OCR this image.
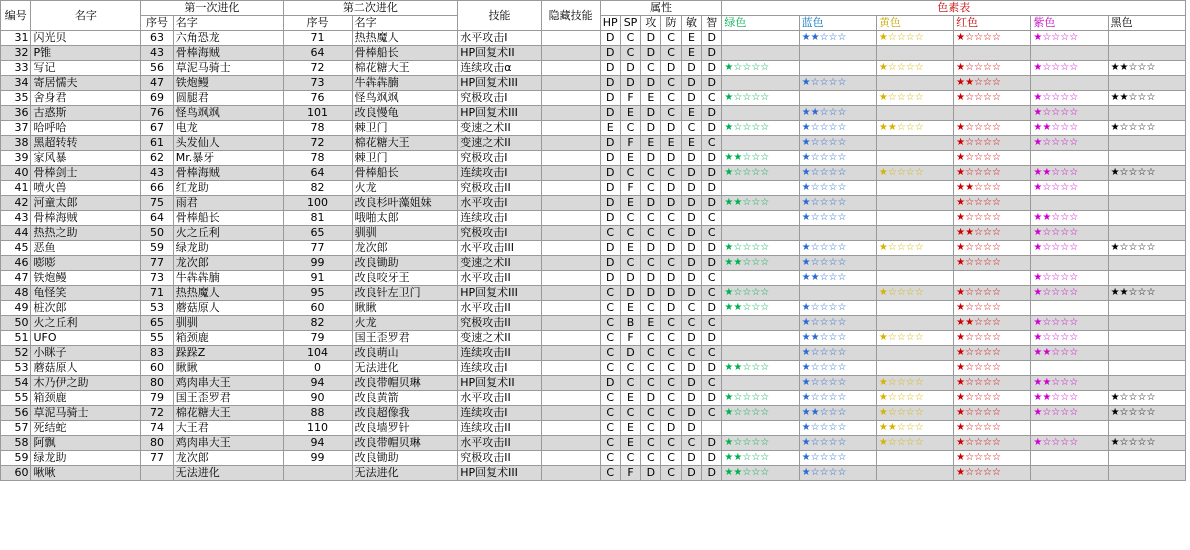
编号	名字	第一次进化		第二次进化		技能	隐藏技能	属性						色素表					
		序号	名字	序号	名字			HP	SP	攻	防	敏	智	绿色	蓝色	黄色	红色	紫色	黑色
31	闪光贝	63	六角恐龙	71	热热魔人	水平攻击I		D	C	D	C	E	D		★★☆☆☆	★☆☆☆☆	★☆☆☆☆	★☆☆☆☆	
32	P锥	43	骨棒海贼	64	骨棒船长	HP回复术II		D	C	D	C	E	D						
33	写记	56	草泥马骑士	72	棉花糖大王	连续攻击α		D	D	C	D	D	D	★☆☆☆☆		★☆☆☆☆	★☆☆☆☆	★☆☆☆☆	★★☆☆☆
34	寄居懦夫	47	铁炮鳗	73	牛犇犇腩	HP回复术III		D	D	D	C	D	D		★☆☆☆☆		★★☆☆☆		
35	舍身君	69	圆腿君	76	怪鸟飒飒	究极攻击I		D	F	E	C	D	C	★☆☆☆☆		★☆☆☆☆	★☆☆☆☆	★☆☆☆☆	★★☆☆☆
36	古惑斯	76	怪鸟飒飒	101	改良慢龟	HP回复术III		D	E	D	C	E	D		★★☆☆☆			★☆☆☆☆	
37	哈呼哈	67	电龙	78	棘卫门	变速之术II		E	C	D	D	C	D	★☆☆☆☆	★☆☆☆☆	★★☆☆☆	★☆☆☆☆	★★☆☆☆	★☆☆☆☆
38	黑超转转	61	头发仙人	72	棉花糖大王	变速之术II		D	F	E	E	E	C		★☆☆☆☆		★☆☆☆☆	★☆☆☆☆	
39	家风暴	62	Mr.暴牙	78	棘卫门	究极攻击I		D	E	D	D	D	D	★★☆☆☆	★☆☆☆☆		★☆☆☆☆		
40	骨棒剑士	43	骨棒海贼	64	骨棒船长	连续攻击I		D	C	C	C	D	D	★☆☆☆☆	★☆☆☆☆	★☆☆☆☆	★☆☆☆☆	★★☆☆☆	★☆☆☆☆
41	喷火兽	66	红龙助	82	火龙	究极攻击II		D	F	C	D	D	D		★☆☆☆☆		★★☆☆☆	★☆☆☆☆	
42	河童太郎	75	雨君	100	改良杉叶藻姐妹	水平攻击I		D	E	D	D	D	D	★★☆☆☆	★☆☆☆☆		★☆☆☆☆		
43	骨棒海贼	64	骨棒船长	81	哦啪太郎	连续攻击I		D	C	C	C	D	C		★☆☆☆☆		★☆☆☆☆	★★☆☆☆	
44	热热之助	50	火之丘利	65	驯驯	究极攻击I		C	C	C	C	D	C				★★☆☆☆	★☆☆☆☆	
45	恶鱼	59	绿龙助	77	龙次郎	水平攻击III		D	E	D	D	D	D	★☆☆☆☆	★☆☆☆☆	★☆☆☆☆	★☆☆☆☆	★☆☆☆☆	★☆☆☆☆
46	嘭嘭	77	龙次郎	99	改良锄助	变速之术II		D	C	C	C	D	D	★★☆☆☆	★☆☆☆☆		★☆☆☆☆		
47	铁炮鳗	73	牛犇犇腩	91	改良咬牙王	水平攻击II		D	D	D	D	D	C		★★☆☆☆			★☆☆☆☆	
48	龟怪笑	71	热热魔人	95	改良针左卫门	HP回复术III		C	D	D	D	D	C	★☆☆☆☆		★☆☆☆☆	★☆☆☆☆	★☆☆☆☆	★★☆☆☆
49	桩次郎	53	蘑菇原人	60	瞅瞅	水平攻击II		C	E	C	D	C	D	★★☆☆☆	★☆☆☆☆		★☆☆☆☆		
50	火之丘利	65	驯驯	82	火龙	究极攻击II		C	B	E	C	C	C		★☆☆☆☆		★★☆☆☆	★☆☆☆☆	
51	UFO	55	箱颈鹿	79	国王歪罗君	变速之术II		C	F	C	C	D	D		★★☆☆☆	★☆☆☆☆	★☆☆☆☆	★☆☆☆☆	
52	小眯子	83	跺跺Z	104	改良萌山	连续攻击II		C	D	C	C	C	C		★☆☆☆☆		★☆☆☆☆	★★☆☆☆	
53	蘑菇原人	60	瞅瞅	0	无法进化	连续攻击I		C	C	C	C	D	D	★★☆☆☆	★☆☆☆☆		★☆☆☆☆		
54	木乃伊之助	80	鸡肉串大王	94	改良带帽贝琳	HP回复术II		D	C	C	C	D	C		★☆☆☆☆	★☆☆☆☆	★☆☆☆☆	★★☆☆☆	
55	箱颈鹿	79	国王歪罗君	90	改良黄箭	水平攻击II		C	E	D	C	D	D	★☆☆☆☆	★☆☆☆☆	★☆☆☆☆	★☆☆☆☆	★★☆☆☆	★☆☆☆☆
56	草泥马骑士	72	棉花糖大王	88	改良超像我	连续攻击I		C	C	C	C	D	C	★☆☆☆☆	★★☆☆☆	★☆☆☆☆	★☆☆☆☆	★☆☆☆☆	★☆☆☆☆
57	死结蛇	74	大王君	110	改良墙罗针	连续攻击II		C	E	C	D	D			★☆☆☆☆	★★☆☆☆	★☆☆☆☆		
58	阿飘	80	鸡肉串大王	94	改良带帽贝琳	水平攻击II		C	E	C	C	C	D	★☆☆☆☆	★☆☆☆☆	★☆☆☆☆	★☆☆☆☆	★☆☆☆☆	★☆☆☆☆
59	绿龙助	77	龙次郎	99	改良锄助	究极攻击II		C	C	C	C	D	D	★★☆☆☆	★☆☆☆☆		★☆☆☆☆		
60	啾啾		无法进化		无法进化	HP回复术III		C	F	D	C	D	D	★★☆☆☆	★☆☆☆☆		★☆☆☆☆		
